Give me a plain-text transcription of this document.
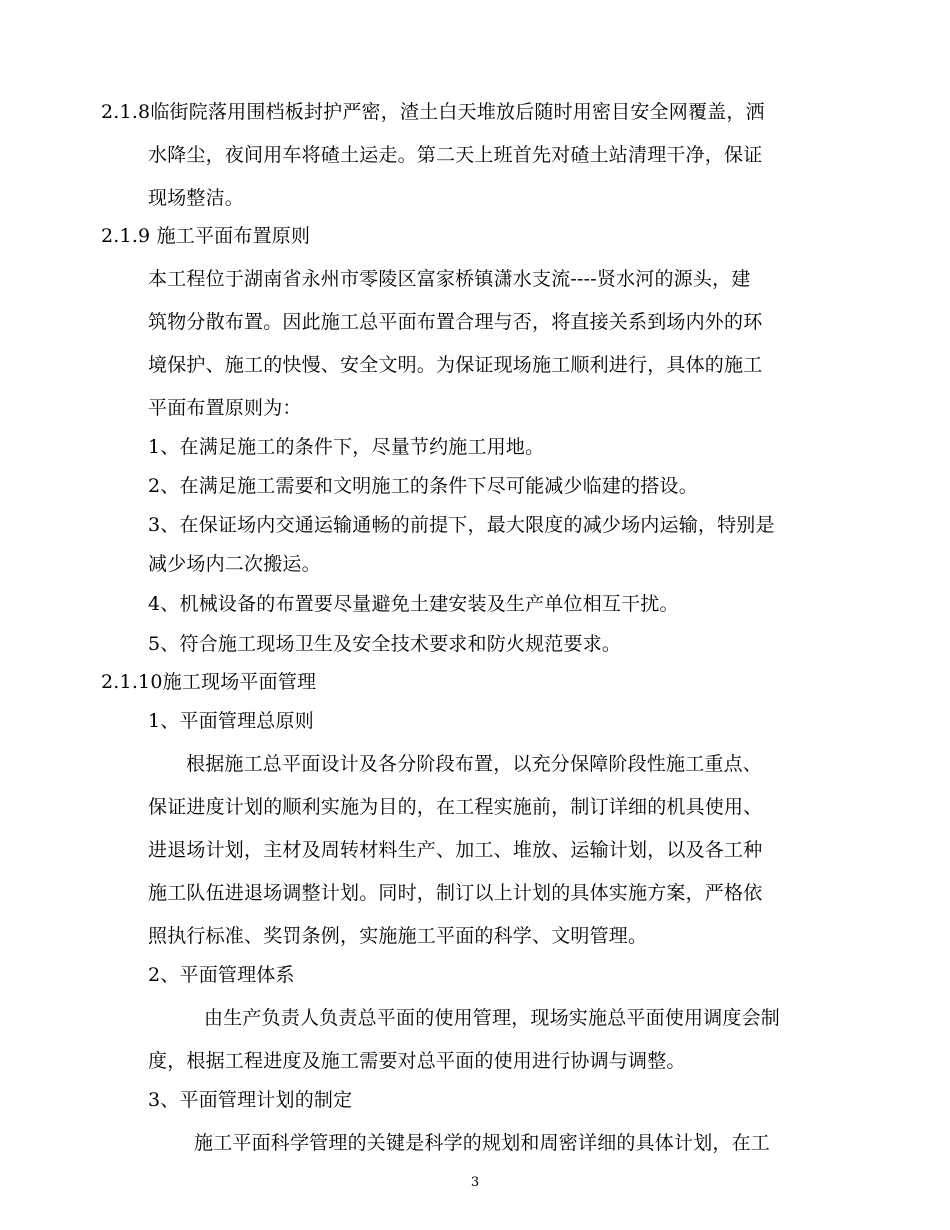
2.1.8临街院落用围档板封护严密，渣土白天堆放后随时用密目安全网覆盖，洒
水降尘，夜间用车将碴土运走。第二天上班首先对碴土站清理干净，保证
现场整洁。
2.1.9 施工平面布置原则
本工程位于湖南省永州市零陵区富家桥镇潇水支流----贤水河的源头，建
筑物分散布置。因此施工总平面布置合理与否，将直接关系到场内外的环
境保护、施工的快慢、安全文明。为保证现场施工顺利进行，具体的施工
平面布置原则为：
1、在满足施工的条件下，尽量节约施工用地。
2、在满足施工需要和文明施工的条件下尽可能减少临建的搭设。
3、在保证场内交通运输通畅的前提下，最大限度的减少场内运输，特别是
减少场内二次搬运。
4、机械设备的布置要尽量避免土建安装及生产单位相互干扰。
5、符合施工现场卫生及安全技术要求和防火规范要求。
2.1.10施工现场平面管理
1、平面管理总原则
根据施工总平面设计及各分阶段布置，以充分保障阶段性施工重点、
保证进度计划的顺利实施为目的，在工程实施前，制订详细的机具使用、
进退场计划，主材及周转材料生产、加工、堆放、运输计划，以及各工种
施工队伍进退场调整计划。同时，制订以上计划的具体实施方案，严格依
照执行标准、奖罚条例，实施施工平面的科学、文明管理。
2、平面管理体系
由生产负责人负责总平面的使用管理，现场实施总平面使用调度会制
度，根据工程进度及施工需要对总平面的使用进行协调与调整。
3、平面管理计划的制定
施工平面科学管理的关键是科学的规划和周密详细的具体计划，在工
3
